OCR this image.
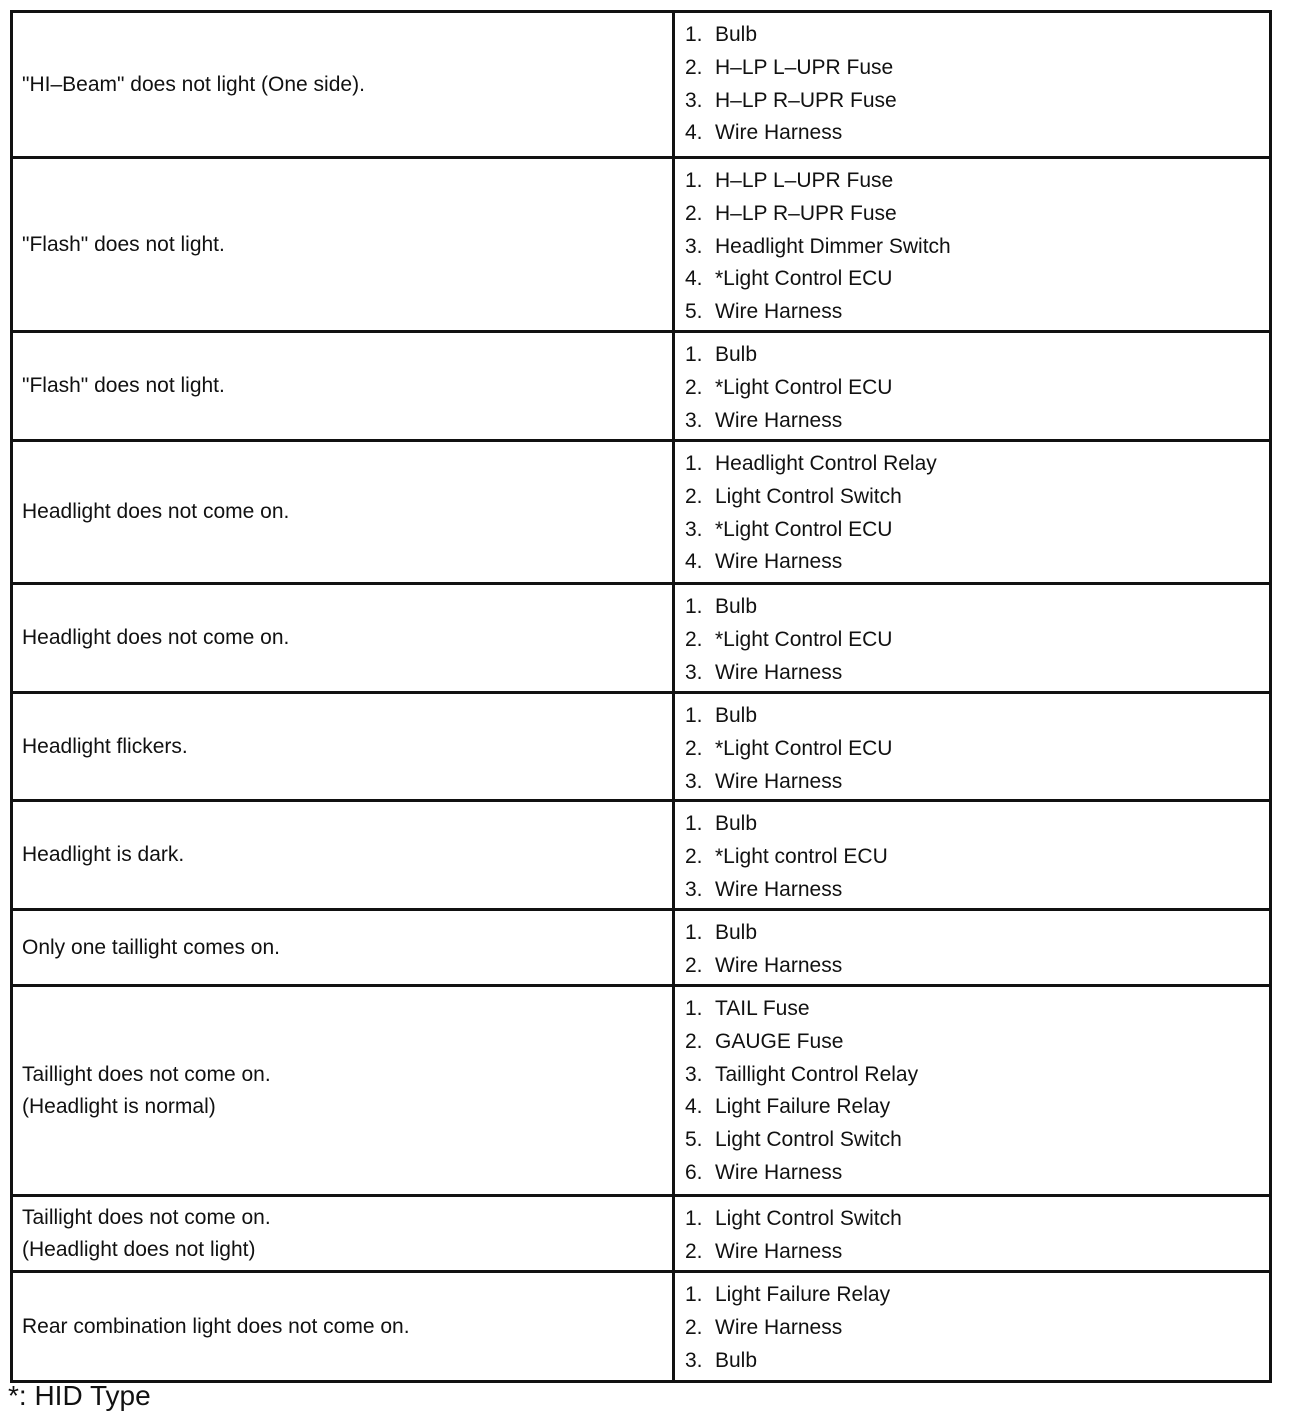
"HI–Beam" does not light (One side).
1. Bulb
2. H–LP L–UPR Fuse
3. H–LP R–UPR Fuse
4. Wire Harness
"Flash" does not light.
1. H–LP L–UPR Fuse
2. H–LP R–UPR Fuse
3. Headlight Dimmer Switch
4. *Light Control ECU
5. Wire Harness
"Flash" does not light.
1. Bulb
2. *Light Control ECU
3. Wire Harness
Headlight does not come on.
1. Headlight Control Relay
2. Light Control Switch
3. *Light Control ECU
4. Wire Harness
Headlight does not come on.
1. Bulb
2. *Light Control ECU
3. Wire Harness
Headlight flickers.
1. Bulb
2. *Light Control ECU
3. Wire Harness
Headlight is dark.
1. Bulb
2. *Light control ECU
3. Wire Harness
Only one taillight comes on.
1. Bulb
2. Wire Harness
Taillight does not come on.
(Headlight is normal)
1. TAIL Fuse
2. GAUGE Fuse
3. Taillight Control Relay
4. Light Failure Relay
5. Light Control Switch
6. Wire Harness
Taillight does not come on.
(Headlight does not light)
1. Light Control Switch
2. Wire Harness
Rear combination light does not come on.
1. Light Failure Relay
2. Wire Harness
3. Bulb
*: HID Type
